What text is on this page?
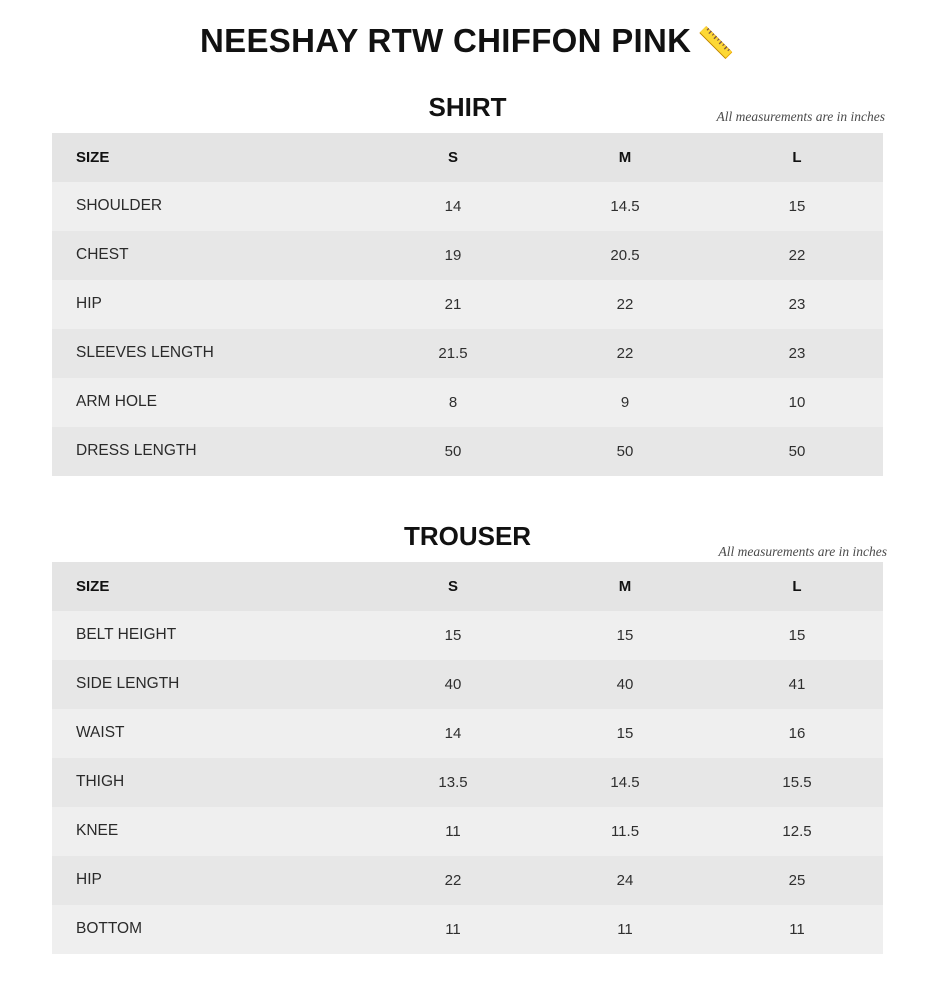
NEESHAY RTW CHIFFON PINK 📏
SHIRT	All measurements are in inches
SIZE	S	M	L
SHOULDER	14	14.5	15
CHEST	19	20.5	22
HIP	21	22	23
SLEEVES LENGTH	21.5	22	23
ARM HOLE	8	9	10
DRESS LENGTH	50	50	50
TROUSER
All measurements are in inches
SIZE	S	M	L
BELT HEIGHT	15	15	15
SIDE LENGTH	40	40	41
WAIST	14	15	16
THIGH	13.5	14.5	15.5
KNEE	11	11.5	12.5
HIP	22	24	25
BOTTOM	11	11	11
